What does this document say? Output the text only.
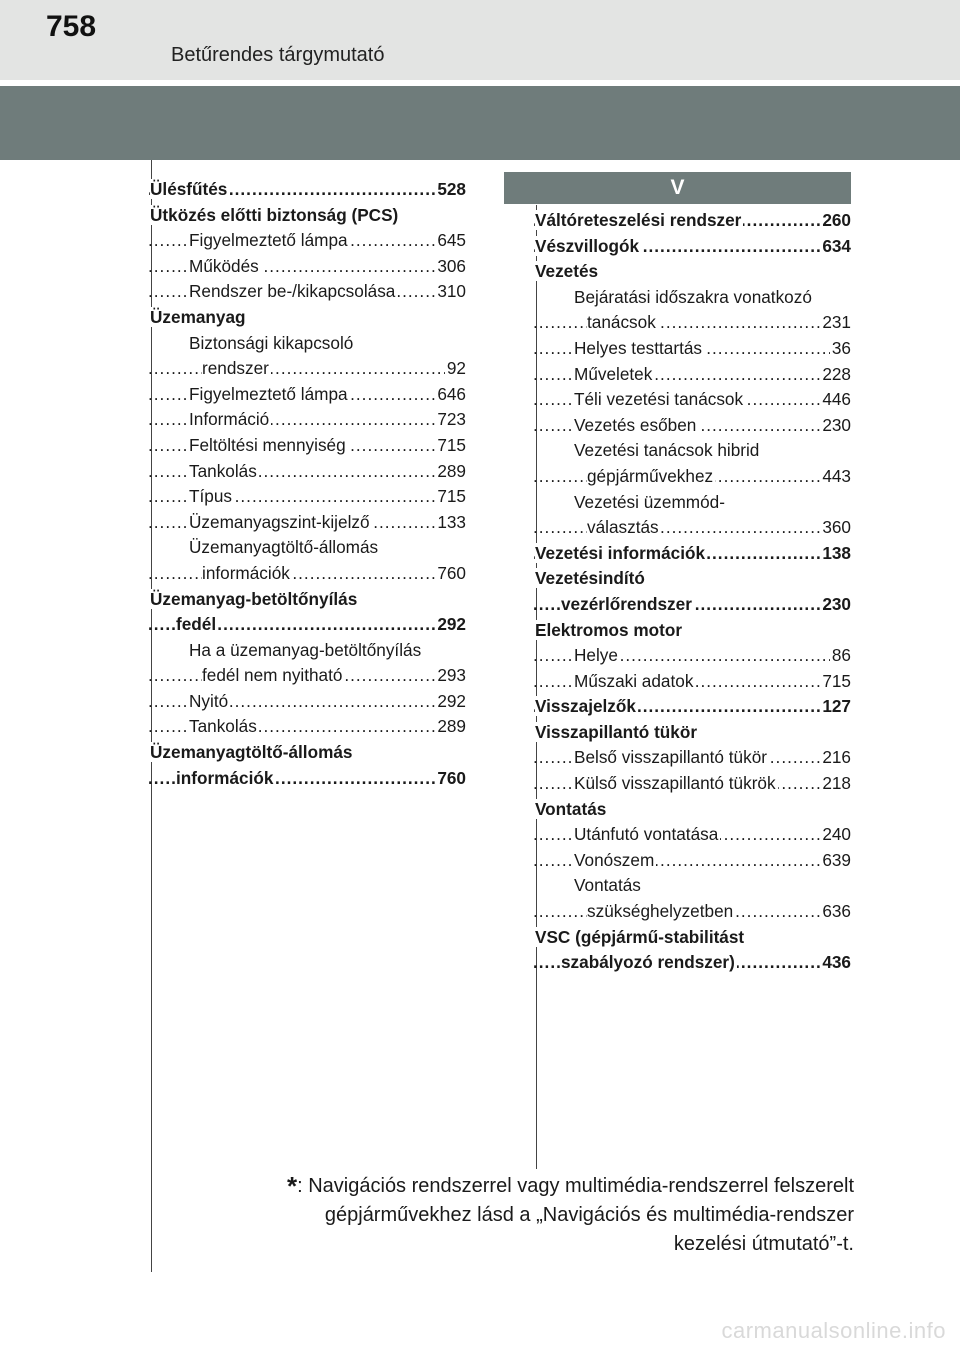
758
Betűrendes tárgymutató
V
Ülésfűtés	528
.....
Ütközés előtti biztonság (PCS)
Figyelmeztető lámpa	645
.....
Működés	306
.....
Rendszer be-/kikapcsolása 310
.....
Üzemanyag
Biztonsági kikapcsoló
rendszer	92
.....
Figyelmeztető lámpa	646
.....
Információ	723
.....
Feltöltési mennyiség	715
.....
Tankolás	289
.....
Típus	715
.....
Üzemanyagszint-kijelző	133
.....
Üzemanyagtöltő-állomás
információk	760
.....
Üzemanyag-betöltőnyílás
fedél	292
.....
Ha a üzemanyag-betöltőnyílás
fedél nem nyitható	293
.....
Nyitó	292
.....
Tankolás	289
.....
Üzemanyagtöltő-állomás
információk	760
.....
Váltóreteszelési rendszer	260
.....
Vészvillogók	634
.....
Vezetés
Bejáratási időszakra vonatkozó
tanácsok	231
.....
Helyes testtartás	36
.....
Műveletek	228
.....
Téli vezetési tanácsok	446
.....
Vezetés esőben	230
.....
Vezetési tanácsok hibrid
gépjárművekhez	443
.....
Vezetési üzemmód-
választás	360
.....
Vezetési információk	138
.....
Vezetésindító
vezérlőrendszer	230
.....
Elektromos motor
Helye	86
.....
Műszaki adatok	715
.....
Visszajelzők	127
.....
Visszapillantó tükör
Belső visszapillantó tükör	216
.....
Külső visszapillantó tükrök	218
.....
Vontatás
Utánfutó vontatása	240
.....
Vonószem	639
.....
Vontatás
szükséghelyzetben	636
.....
VSC (gépjármű-stabilitást
szabályozó rendszer)	436
.....
*: Navigációs rendszerrel vagy multimédia-rendszerrel felszerelt
gépjárművekhez lásd a „Navigációs és multimédia-rendszer
kezelési útmutató”-t.
carmanualsonline.info
